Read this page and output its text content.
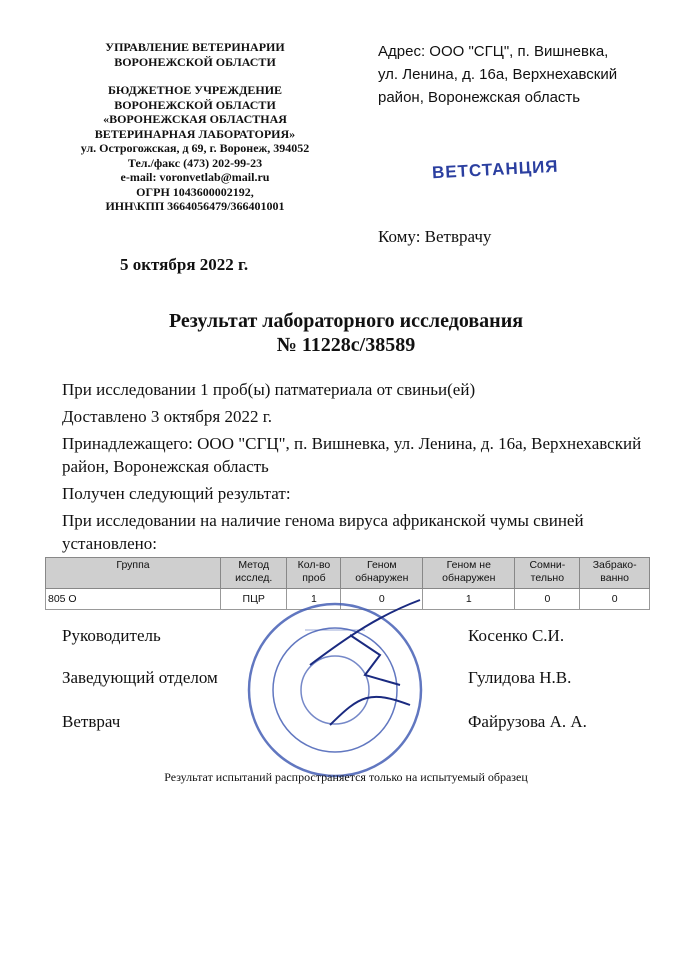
УПРАВЛЕНИЕ ВЕТЕРИНАРИИ
ВОРОНЕЖСКОЙ ОБЛАСТИ
БЮДЖЕТНОЕ УЧРЕЖДЕНИЕ
ВОРОНЕЖСКОЙ ОБЛАСТИ
«ВОРОНЕЖСКАЯ ОБЛАСТНАЯ
ВЕТЕРИНАРНАЯ ЛАБОРАТОРИЯ»
ул. Острогожская, д 69, г. Воронеж, 394052
Тел./факс (473) 202-99-23
e-mail: voronvetlab@mail.ru
ОГРН 1043600002192,
ИНН\КПП 3664056479/366401001
Адрес: ООО "СГЦ", п. Вишневка,
ул. Ленина, д. 16а, Верхнехавский
район, Воронежская область
ВЕТСТАНЦИЯ
Кому: Ветврачу
5 октября 2022 г.
Результат лабораторного исследования
№ 11228с/38589

При исследовании 1 проб(ы) патматериала от свиньи(ей)

Доставлено 3 октября 2022 г.

Принадлежащего: ООО "СГЦ", п. Вишневка, ул. Ленина, д. 16а, Верхнехавский район, Воронежская область

Получен следующий результат:

При исследовании на наличие генома вируса африканской чумы свиней установлено:

Группа	Метод исслед.	Кол-во проб	Геном обнаружен	Геном не обнаружен	Сомни-тельно	Забрако-ванно
805 О	ПЦР	1	0	1	0	0
Руководитель	Косенко С.И.
Заведующий отделом	Гулидова Н.В.
Ветврач	Файрузова А. А.
Результат испытаний распространяется только на испытуемый образец
